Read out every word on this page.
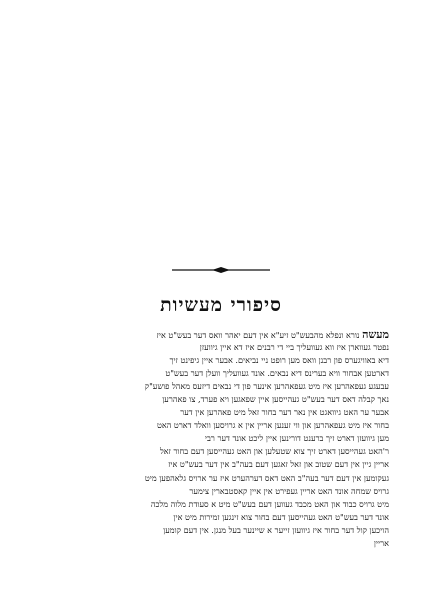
סיפורי מעשיות
מעשה נורא ונפלא מהבעש"ט זיע"א אין דעם יאהר וואס דער בעש"ט איז
נפטר געווארן איז ווא געוועליך ביי די רבנים איז דא איין גיוועזן
דיא באוויגערס פון רבנן וואס מען רופט ניי נביאים. אבער איין גיפינט זיך
דארטען אבחור וויא בערינס דיא נבאים. אונד געוועליך וועלן דער בעש"ט
עבעגע געפאהרען איז מיט געפאהרען אינער פון די נבאים דיזעס מאהל פושע"ק
נאך קבלה דאס דער בעש"ט געהייסען איין שפאגען ויא פערד, צו פאהרען
אבער ער האט גיוואגט אין נאר דער בחור זאל מיט פאהרען אין דער
בחור איז מיט געפאהרען און ווי זענען אריין אין א גרויסען וואלד דארט האט
מען גיוועזן דארט זיך ברענט דורינען איין ליכט אונד דער רבי
ר'האט געהייסען דארט זיך צוא שטעלען און האט געהייסען דעם בחור זאל
אריין גיין אין דעם שטוב און זאל זאגען דעם בעה"ב אין דער בעש"ט איז
געקומען אין דעם דער בעה"ב האט דאס דערהערט איז ער ארויס גלאהפען מיט
גרויס שמחה אונד האט אריין געפירט אין איין קאסטבארין צימער
מיט גרויס כבוד און האט מכבד געווען דעם בעש"ט מיט א סעודת מלוה מלכה
אונד דער בעש"ט האט געהייסען דעם בחור צוא זינגען זמירות מיט אין
הויכען קול דער בחור איז גיוועזן זייער א שיינער בעל מנגן. אין דעם קומען
אריין
